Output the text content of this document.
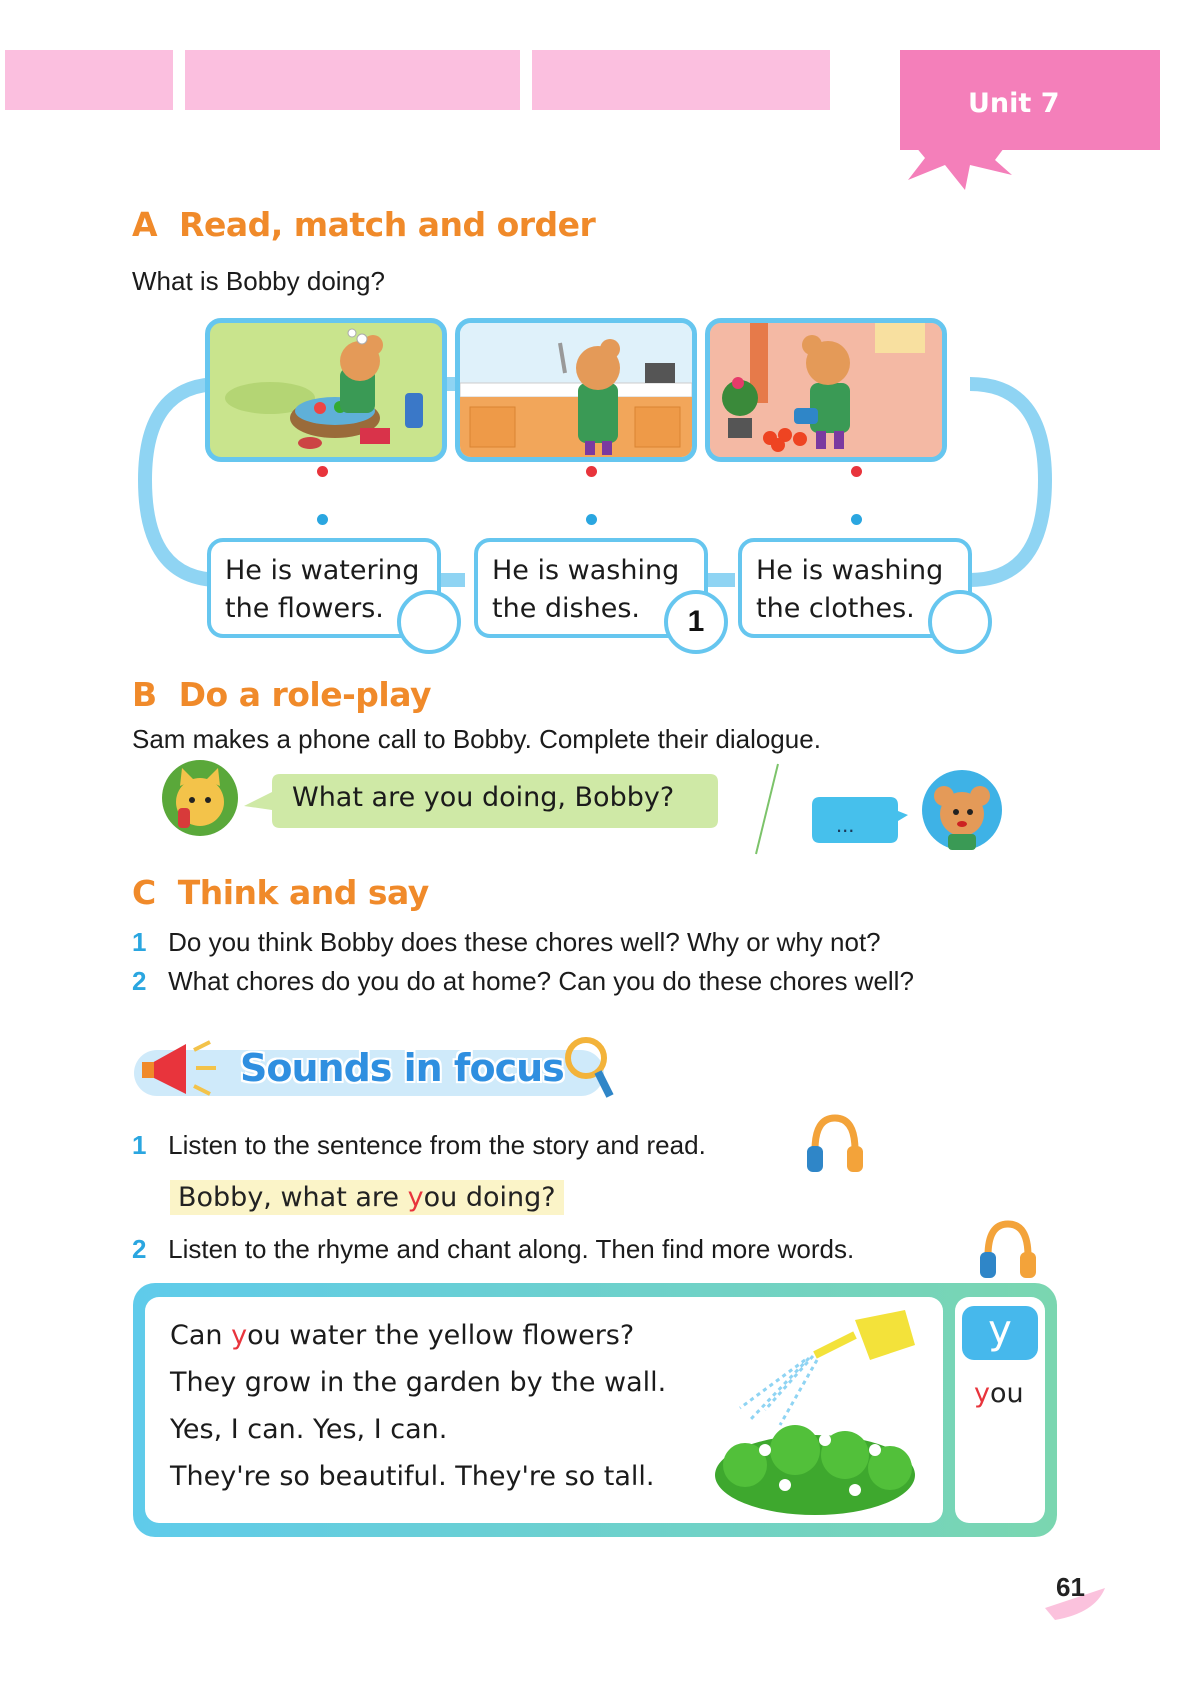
Unit 7
A Read, match and order
What is Bobby doing?
He is watering
the flowers.
He is washing
the dishes.
He is washing
the clothes.
1
B Do a role-play
Sam makes a phone call to Bobby. Complete their dialogue.
What are you doing, Bobby?
...
C Think and say
1 Do you think Bobby does these chores well? Why or why not?
2 What chores do you do at home? Can you do these chores well?
Sounds in focus
1 Listen to the sentence from the story and read.
Bobby, what are you doing?
2 Listen to the rhyme and chant along. Then find more words.
Can you water the yellow flowers?
They grow in the garden by the wall.
Yes, I can. Yes, I can.
They're so beautiful. They're so tall.
y
you
61
